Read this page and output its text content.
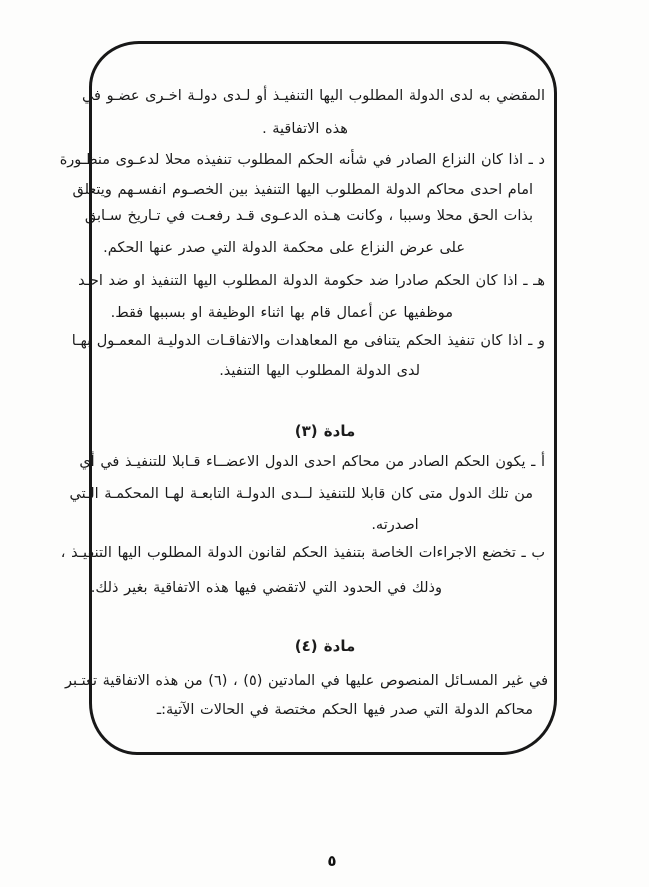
المقضي به لدى الدولة المطلوب اليها التنفيـذ أو لـدى دولـة اخـرى عضـو في
هذه الاتفاقية .
د ـ اذا كان النزاع الصادر في شأنه الحكم المطلوب تنفيذه محلا لدعـوى منظـورة
امام احدى محاكم الدولة المطلوب اليها التنفيذ بين الخصـوم انفسـهم ويتعلق
بذات الحق محلا وسببا ، وكانت هـذه الدعـوى قـد رفعـت في تـاريخ سـابق
على عرض النزاع على محكمة الدولة التي صدر عنها الحكم.
هـ ـ اذا كان الحكم صادرا ضد حكومة الدولة المطلوب اليها التنفيذ او ضد احـد
موظفيها عن أعمال قام بها اثناء الوظيفة او بسببها فقط.
و ـ اذا كان تنفيذ الحكم يتنافى مع المعاهدات والاتفاقـات الدوليـة المعمـول بهـا
لدى الدولة المطلوب اليها التنفيذ.
مادة (٣)
أ ـ يكون الحكم الصادر من محاكم احدى الدول الاعضــاء قـابلا للتنفيـذ في أي
من تلك الدول متى كان قابلا للتنفيذ لــدى الدولـة التابعـة لهـا المحكمـة الـتي
اصدرته.
ب ـ تخضع الاجراءات الخاصة بتنفيذ الحكم لقانون الدولة المطلوب اليها التنفيـذ ،
وذلك في الحدود التي لاتقضي فيها هذه الاتفاقية بغير ذلك.
مادة (٤)
في غير المسـائل المنصوص عليها في المادتين (٥) ، (٦) من هذه الاتفاقية تعتـبر
محاكم الدولة التي صدر فيها الحكم مختصة في الحالات الآتية:ـ
٥
